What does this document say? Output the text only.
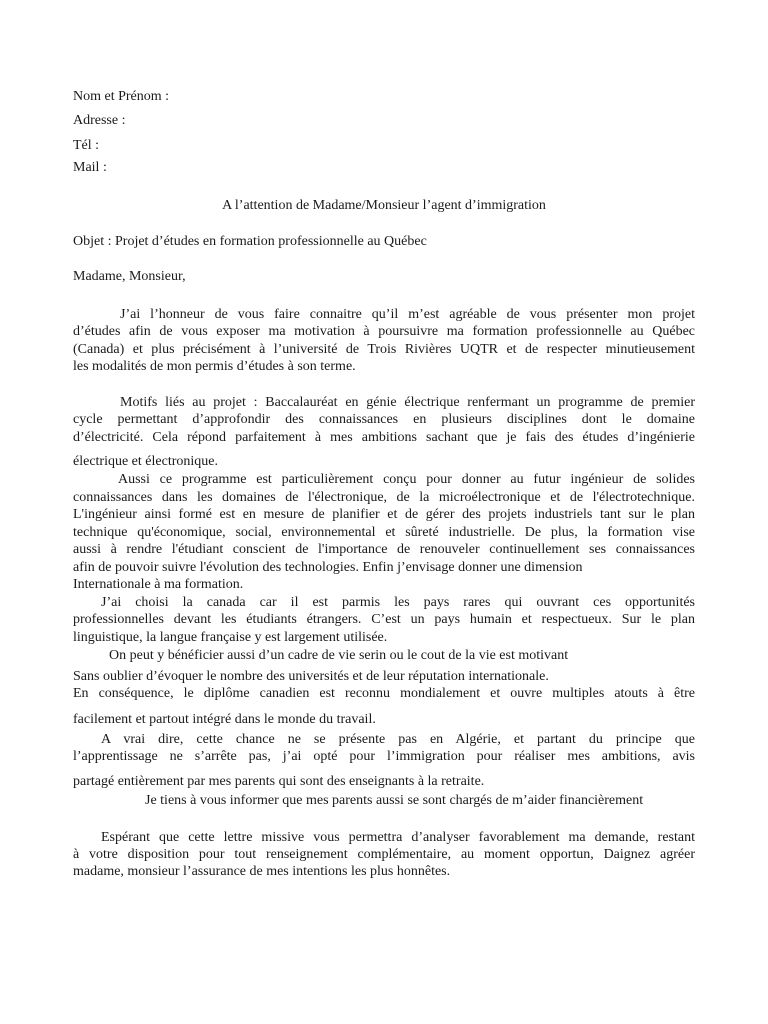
Nom et Prénom :
Adresse :
Tél :
Mail :
A l’attention de Madame/Monsieur l’agent d’immigration
Objet : Projet d’études en formation professionnelle au Québec
Madame, Monsieur,
J’ai l’honneur de vous faire connaitre qu’il m’est agréable de vous présenter mon projet
d’études afin de vous exposer ma motivation à poursuivre ma formation professionnelle au Québec
(Canada) et plus précisément à l’université de Trois Rivières UQTR et de respecter minutieusement
les modalités de mon permis d’études à son terme.
Motifs liés au projet : Baccalauréat en génie électrique renfermant un programme de premier
cycle permettant d’approfondir des connaissances en plusieurs disciplines dont le domaine
d’électricité. Cela répond parfaitement à mes ambitions sachant que je fais des études d’ingénierie
électrique et électronique.
Aussi ce programme est particulièrement conçu pour donner au futur ingénieur de solides
connaissances dans les domaines de l'électronique, de la microélectronique et de l'électrotechnique.
L'ingénieur ainsi formé est en mesure de planifier et de gérer des projets industriels tant sur le plan
technique qu'économique, social, environnemental et sûreté industrielle. De plus, la formation vise
aussi à rendre l'étudiant conscient de l'importance de renouveler continuellement ses connaissances
afin de pouvoir suivre l'évolution des technologies. Enfin j’envisage donner une dimension
Internationale à ma formation.
J’ai choisi la canada car il est parmis les pays rares qui ouvrant ces opportunités
professionnelles devant les étudiants étrangers. C’est un pays humain et respectueux. Sur le plan
linguistique, la langue française y est largement utilisée.
On peut y bénéficier aussi d’un cadre de vie serin ou le cout de la vie est motivant
Sans oublier d’évoquer le nombre des universités et de leur réputation internationale.
En conséquence, le diplôme canadien est reconnu mondialement et ouvre multiples atouts à être
facilement et partout intégré dans le monde du travail.
A vrai dire, cette chance ne se présente pas en Algérie, et partant du principe que
l’apprentissage ne s’arrête pas, j’ai opté pour l’immigration pour réaliser mes ambitions, avis
partagé entièrement par mes parents qui sont des enseignants à la retraite.
Je tiens à vous informer que mes parents aussi se sont chargés de m’aider financièrement
Espérant que cette lettre missive vous permettra d’analyser favorablement ma demande, restant
à votre disposition pour tout renseignement complémentaire, au moment opportun, Daignez agréer
madame, monsieur l’assurance de mes intentions les plus honnêtes.
